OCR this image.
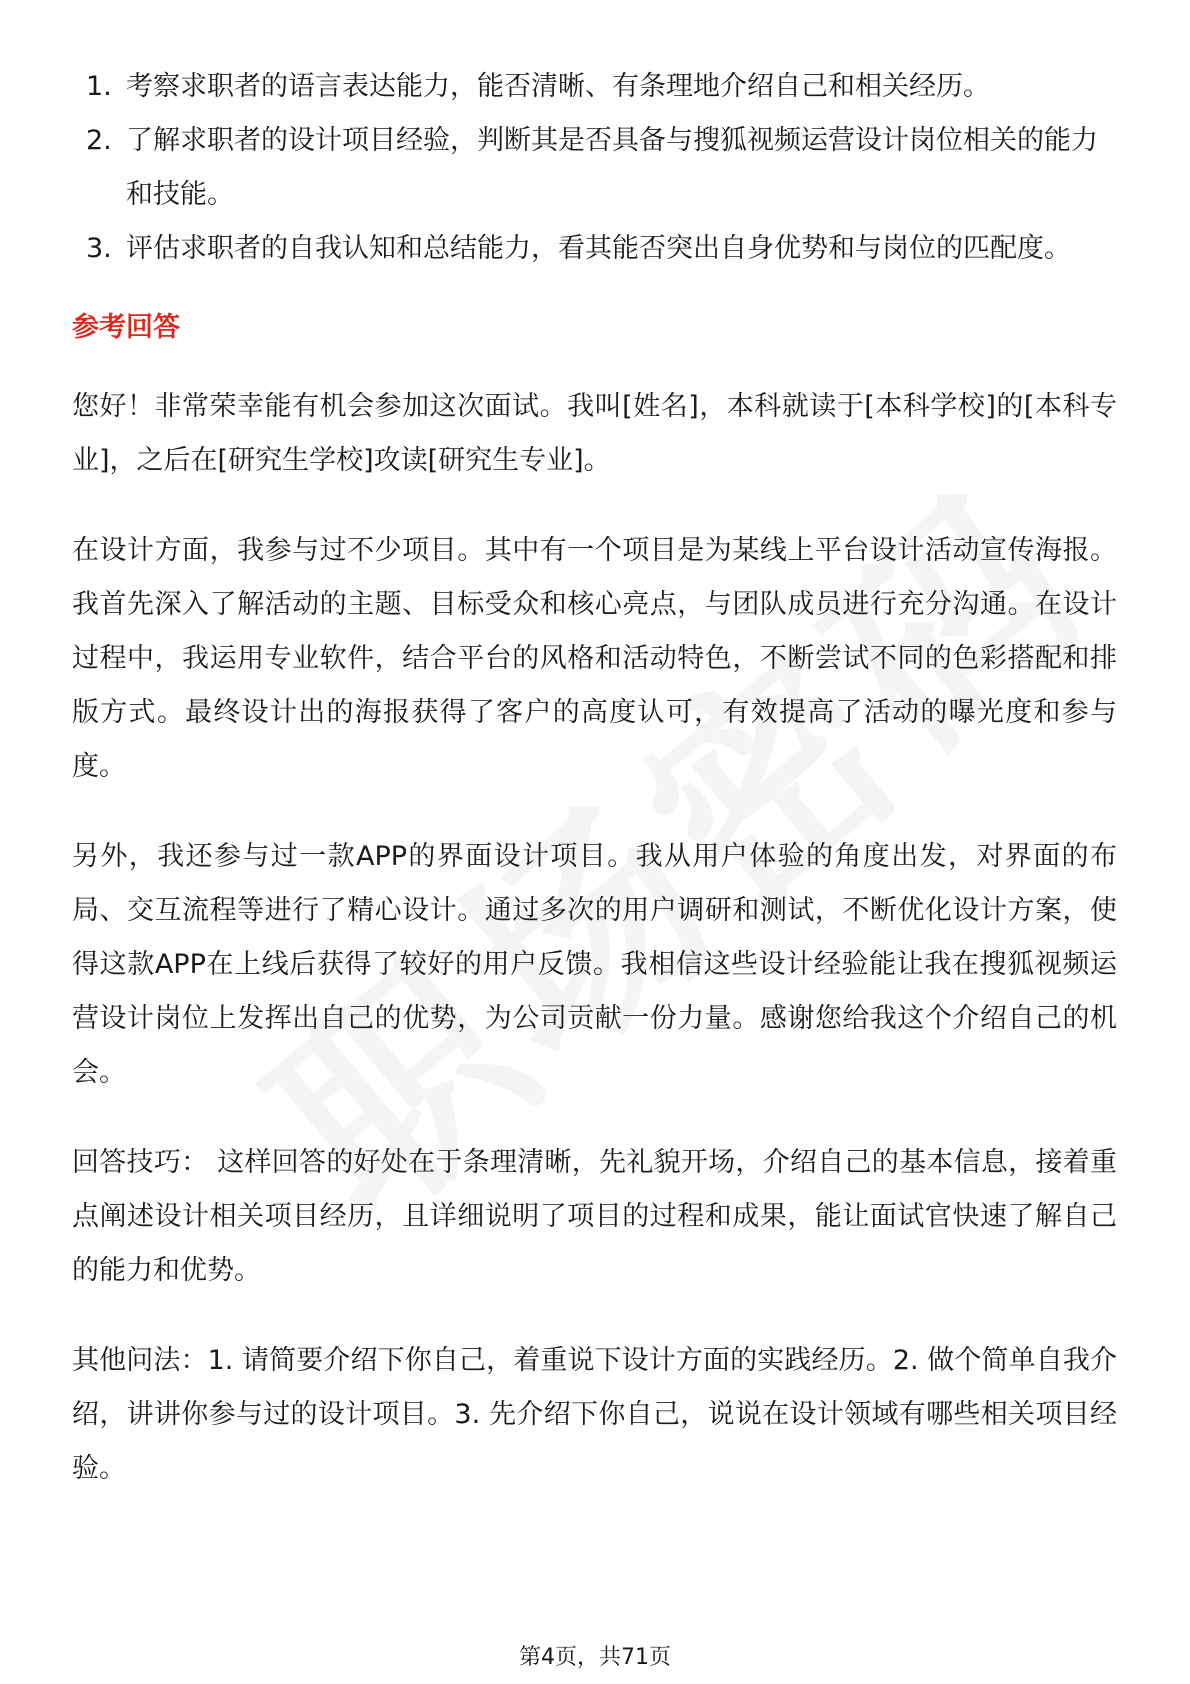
1. 考察求职者的语言表达能力，能否清晰、有条理地介绍自己和相关经历。
2. 了解求职者的设计项目经验，判断其是否具备与搜狐视频运营设计岗位相关的能力和技能。
3. 评估求职者的自我认知和总结能力，看其能否突出自身优势和与岗位的匹配度。
参考回答

您好！非常荣幸能有机会参加这次面试。我叫[姓名]，本科就读于[本科学校]的[本科专业]，之后在[研究生学校]攻读[研究生专业]。

在设计方面，我参与过不少项目。其中有一个项目是为某线上平台设计活动宣传海报。我首先深入了解活动的主题、目标受众和核心亮点，与团队成员进行充分沟通。在设计过程中，我运用专业软件，结合平台的风格和活动特色，不断尝试不同的色彩搭配和排版方式。最终设计出的海报获得了客户的高度认可，有效提高了活动的曝光度和参与度。

另外，我还参与过一款APP的界面设计项目。我从用户体验的角度出发，对界面的布局、交互流程等进行了精心设计。通过多次的用户调研和测试，不断优化设计方案，使得这款APP在上线后获得了较好的用户反馈。我相信这些设计经验能让我在搜狐视频运营设计岗位上发挥出自己的优势，为公司贡献一份力量。感谢您给我这个介绍自己的机会。

回答技巧： 这样回答的好处在于条理清晰，先礼貌开场，介绍自己的基本信息，接着重点阐述设计相关项目经历，且详细说明了项目的过程和成果，能让面试官快速了解自己的能力和优势。

其他问法：1. 请简要介绍下你自己，着重说下设计方面的实践经历。2. 做个简单自我介绍，讲讲你参与过的设计项目。3. 先介绍下你自己，说说在设计领域有哪些相关项目经验。

第4页，共71页
